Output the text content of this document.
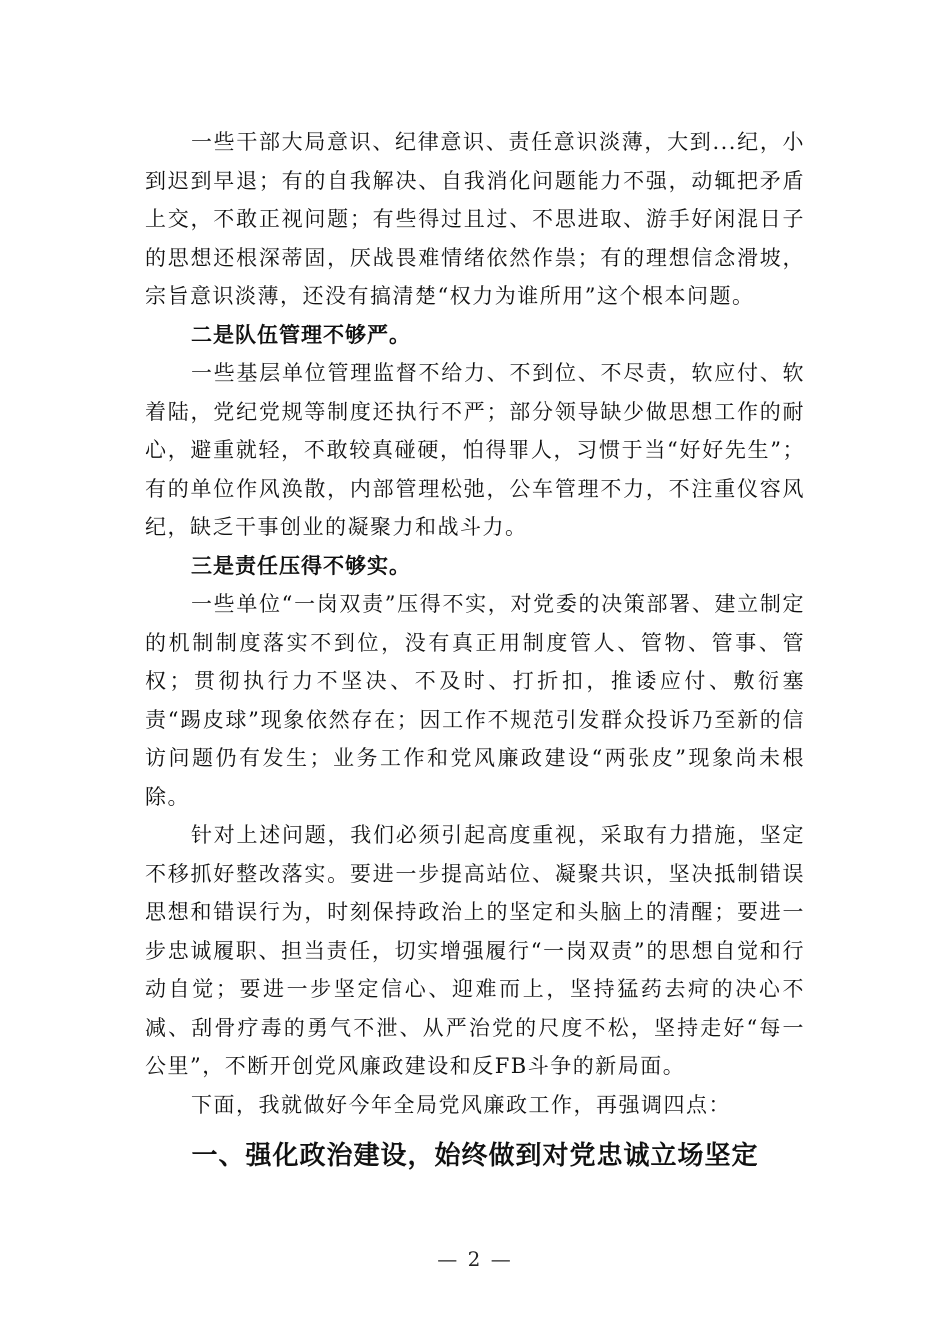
一些干部大局意识、纪律意识、责任意识淡薄，大到...纪，小到迟到早退；有的自我解决、自我消化问题能力不强，动辄把矛盾上交，不敢正视问题；有些得过且过、不思进取、游手好闲混日子的思想还根深蒂固，厌战畏难情绪依然作祟；有的理想信念滑坡，宗旨意识淡薄，还没有搞清楚“权力为谁所用”这个根本问题。

二是队伍管理不够严。

一些基层单位管理监督不给力、不到位、不尽责，软应付、软着陆，党纪党规等制度还执行不严；部分领导缺少做思想工作的耐心，避重就轻，不敢较真碰硬，怕得罪人，习惯于当“好好先生”；有的单位作风涣散，内部管理松弛，公车管理不力，不注重仪容风纪，缺乏干事创业的凝聚力和战斗力。

三是责任压得不够实。

一些单位“一岗双责”压得不实，对党委的决策部署、建立制定的机制制度落实不到位，没有真正用制度管人、管物、管事、管权；贯彻执行力不坚决、不及时、打折扣，推诿应付、敷衍塞责“踢皮球”现象依然存在；因工作不规范引发群众投诉乃至新的信访问题仍有发生；业务工作和党风廉政建设“两张皮”现象尚未根除。

针对上述问题，我们必须引起高度重视，采取有力措施，坚定不移抓好整改落实。要进一步提高站位、凝聚共识，坚决抵制错误思想和错误行为，时刻保持政治上的坚定和头脑上的清醒；要进一步忠诚履职、担当责任，切实增强履行“一岗双责”的思想自觉和行动自觉；要进一步坚定信心、迎难而上，坚持猛药去疴的决心不减、刮骨疗毒的勇气不泄、从严治党的尺度不松，坚持走好“每一公里”，不断开创党风廉政建设和反FB斗争的新局面。

下面，我就做好今年全局党风廉政工作，再强调四点：

一、强化政治建设，始终做到对党忠诚立场坚定
— 2 —
